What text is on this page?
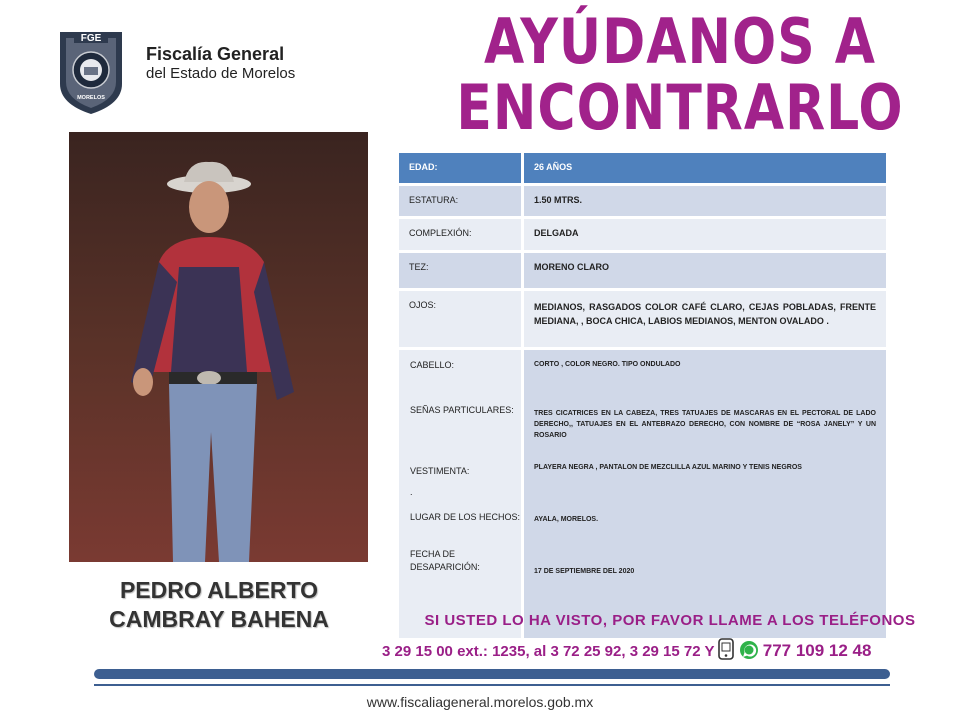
FGE
MORELOS
Fiscalía General
del Estado de Morelos	AYÚDANOS A
ENCONTRARLO
PEDRO ALBERTO
CAMBRAY BAHENA
EDAD:	26 AÑOS
ESTATURA:	1.50 MTRS.
COMPLEXIÓN:	DELGADA
TEZ:	MORENO CLARO
OJOS:	MEDIANOS, RASGADOS COLOR CAFÉ CLARO, CEJAS POBLADAS, FRENTE MEDIANA, , BOCA CHICA, LABIOS MEDIANOS, MENTON OVALADO .
CABELLO:	CORTO , COLOR NEGRO. TIPO ONDULADO
SEÑAS PARTICULARES:	TRES CICATRICES EN LA CABEZA, TRES TATUAJES DE MASCARAS EN EL PECTORAL DE LADO DERECHO,, TATUAJES EN EL ANTEBRAZO DERECHO, CON NOMBRE DE “ROSA JANELY” Y UN ROSARIO
VESTIMENTA:	PLAYERA NEGRA , PANTALON DE MEZCLILLA AZUL MARINO Y TENIS NEGROS
.
LUGAR DE LOS HECHOS: AYALA, MORELOS.
FECHA DE DESAPARICIÓN:	17 DE SEPTIEMBRE DEL 2020
SI USTED LO HA VISTO, POR FAVOR LLAME A LOS TELÉFONOS
3 29 15 00 ext.: 1235, al 3 72 25 92, 3 29 15 72 Y	777 109 12 48
www.fiscaliageneral.morelos.gob.mx
